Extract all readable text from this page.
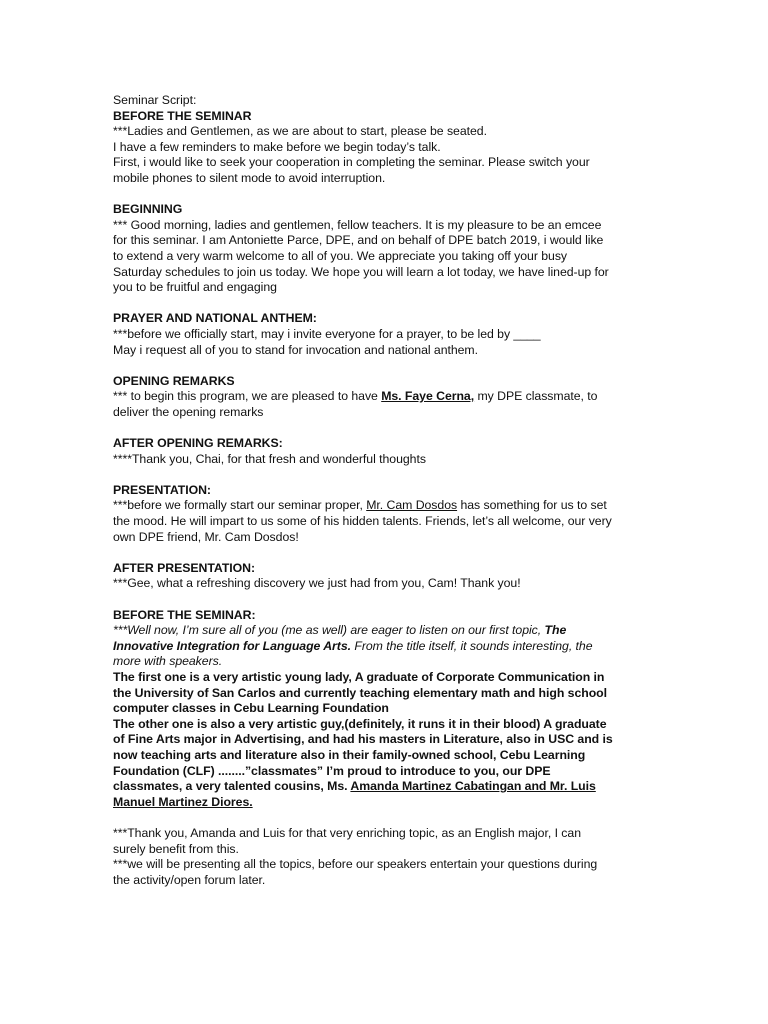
Seminar Script:
BEFORE THE SEMINAR
***Ladies and Gentlemen, as we are about to start, please be seated.
I have a few reminders to make before we begin today’s talk.
First, i would like to seek your cooperation in completing the seminar. Please switch your
mobile phones to silent mode to avoid interruption.
BEGINNING
*** Good morning, ladies and gentlemen, fellow teachers. It is my pleasure to be an emcee
for this seminar. I am Antoniette Parce, DPE, and on behalf of DPE batch 2019, i would like
to extend a very warm welcome to all of you. We appreciate you taking off your busy
Saturday schedules to join us today. We hope you will learn a lot today, we have lined-up for
you to be fruitful and engaging
PRAYER AND NATIONAL ANTHEM:
***before we officially start, may i invite everyone for a prayer, to be led by ____
May i request all of you to stand for invocation and national anthem.
OPENING REMARKS
*** to begin this program, we are pleased to have Ms. Faye Cerna, my DPE classmate, to
deliver the opening remarks
AFTER OPENING REMARKS:
****Thank you, Chai, for that fresh and wonderful thoughts
PRESENTATION:
***before we formally start our seminar proper, Mr. Cam Dosdos has something for us to set
the mood. He will impart to us some of his hidden talents. Friends, let’s all welcome, our very
own DPE friend, Mr. Cam Dosdos!
AFTER PRESENTATION:
***Gee, what a refreshing discovery we just had from you, Cam! Thank you!
BEFORE THE SEMINAR:
***Well now, I’m sure all of you (me as well) are eager to listen on our first topic, The
Innovative Integration for Language Arts. From the title itself, it sounds interesting, the
more with speakers.
The first one is a very artistic young lady, A graduate of Corporate Communication in
the University of San Carlos and currently teaching elementary math and high school
computer classes in Cebu Learning Foundation
The other one is also a very artistic guy,(definitely, it runs it in their blood) A graduate
of Fine Arts major in Advertising, and had his masters in Literature, also in USC and is
now teaching arts and literature also in their family-owned school, Cebu Learning
Foundation (CLF) ........”classmates” I’m proud to introduce to you, our DPE
classmates, a very talented cousins, Ms. Amanda Martinez Cabatingan and Mr. Luis
Manuel Martinez Diores.
***Thank you, Amanda and Luis for that very enriching topic, as an English major, I can
surely benefit from this.
***we will be presenting all the topics, before our speakers entertain your questions during
the activity/open forum later.
